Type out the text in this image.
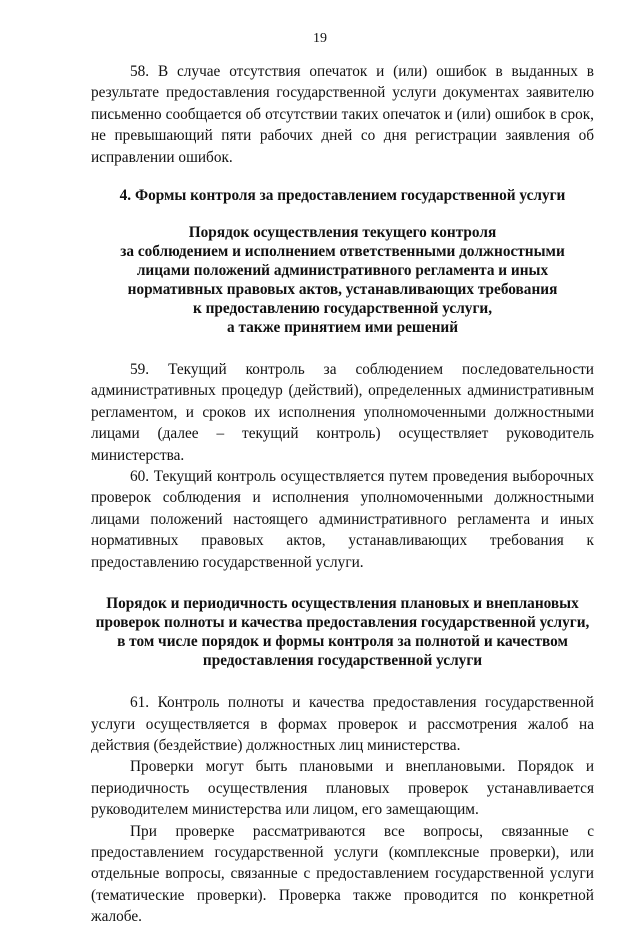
19

58. В случае отсутствия опечаток и (или) ошибок в выданных в результате предоставления государственной услуги документах заявителю письменно сообщается об отсутствии таких опечаток и (или) ошибок в срок, не превышающий пяти рабочих дней со дня регистрации заявления об исправлении ошибок.

4. Формы контроля за предоставлением государственной услуги
Порядок осуществления текущего контроля
за соблюдением и исполнением ответственными должностными
лицами положений административного регламента и иных
нормативных правовых актов, устанавливающих требования
к предоставлению государственной услуги,
а также принятием ими решений

59. Текущий контроль за соблюдением последовательности административных процедур (действий), определенных административным регламентом, и сроков их исполнения уполномоченными должностными лицами (далее – текущий контроль) осуществляет руководитель министерства.

60. Текущий контроль осуществляется путем проведения выборочных проверок соблюдения и исполнения уполномоченными должностными лицами положений настоящего административного регламента и иных нормативных правовых актов, устанавливающих требования к предоставлению государственной услуги.

Порядок и периодичность осуществления плановых и внеплановых
проверок полноты и качества предоставления государственной услуги,
в том числе порядок и формы контроля за полнотой и качеством
предоставления государственной услуги

61. Контроль полноты и качества предоставления государственной услуги осуществляется в формах проверок и рассмотрения жалоб на действия (бездействие) должностных лиц министерства.

Проверки могут быть плановыми и внеплановыми. Порядок и периодичность осуществления плановых проверок устанавливается руководителем министерства или лицом, его замещающим.

При проверке рассматриваются все вопросы, связанные с предоставлением государственной услуги (комплексные проверки), или отдельные вопросы, связанные с предоставлением государственной услуги (тематические проверки). Проверка также проводится по конкретной жалобе.
